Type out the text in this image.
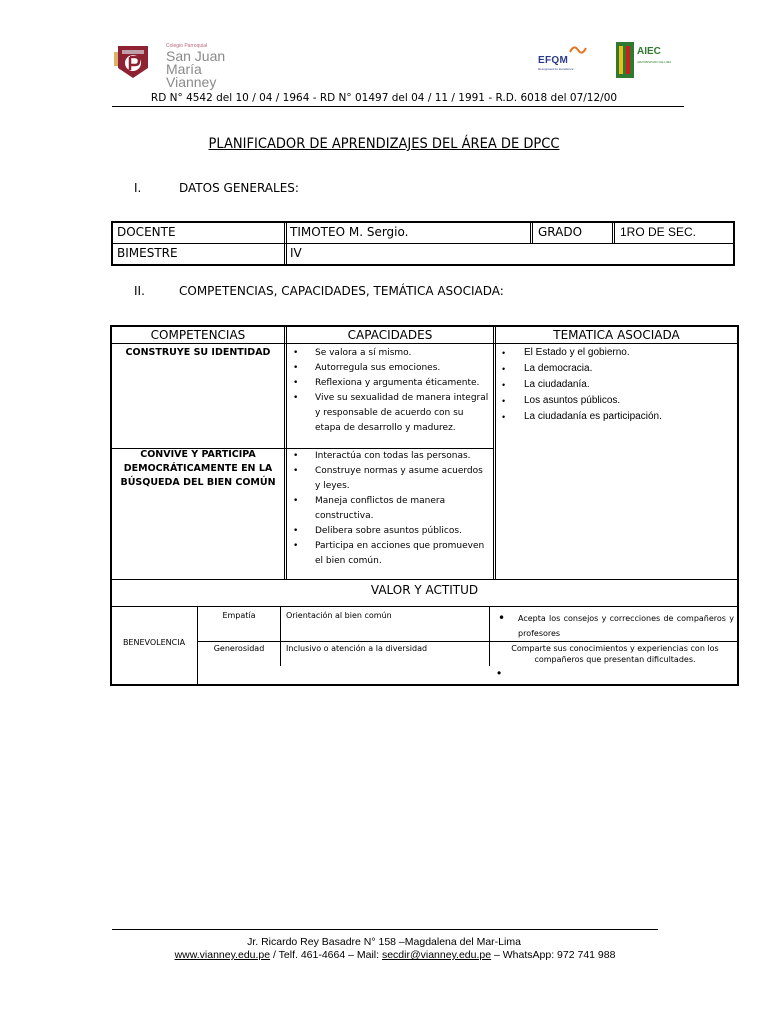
Colegio Parroquial
San Juan María
Vianney
EFQM
Recognised for Excellence
AIEC
ARZOBISPADO DE LIMA
RD N° 4542 del 10 / 04 / 1964 - RD N° 01497 del 04 / 11 / 1991 - R.D. 6018 del 07/12/00
PLANIFICADOR DE APRENDIZAJES DEL ÁREA DE DPCC
I.	DATOS GENERALES:
DOCENTE	TIMOTEO M. Sergio.	GRADO	1RO DE SEC.
BIMESTRE	IV
II.	COMPETENCIAS, CAPACIDADES, TEMÁTICA ASOCIADA:
COMPETENCIAS	CAPACIDADES	TEMATICA ASOCIADA
CONSTRUYE SU IDENTIDAD
•	Se valora a sí mismo.
• Autorregula sus emociones.
• Reflexiona y argumenta éticamente.
• Vive su sexualidad de manera integral y responsable de acuerdo con su etapa de desarrollo y madurez.
• El Estado y el gobierno.
• La democracia.
• La ciudadanía.
• Los asuntos públicos.
• La ciudadanía es participación.
CONVIVE Y PARTICIPA DEMOCRÁTICAMENTE EN LA BÚSQUEDA DEL BIEN COMÚN
• Interactúa con todas las personas.
• Construye normas y asume acuerdos y leyes.
• Maneja conflictos de manera constructiva.
• Delibera sobre asuntos públicos.
• Participa en acciones que promueven el bien común.
VALOR Y ACTITUD
BENEVOLENCIA
Empatía	Orientación al bien común	• Acepta los consejos y correcciones de compañeros y profesores
Generosidad	Inclusivo o atención a la diversidad	Comparte sus conocimientos y experiencias con los compañeros que presentan dificultades.
•
Jr. Ricardo Rey Basadre N° 158 –Magdalena del Mar-Lima
www.vianney.edu.pe / Telf. 461-4664 – Mail: secdir@vianney.edu.pe – WhatsApp: 972 741 988
